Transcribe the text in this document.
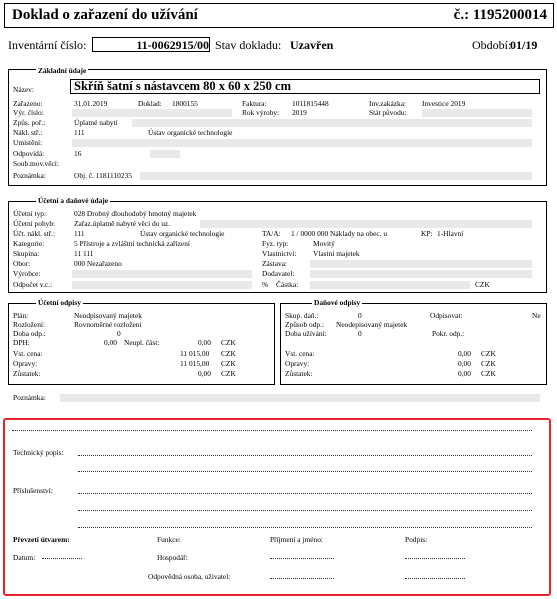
Doklad o zařazení do užívání	č.: 1195200014
Inventární číslo:	11-0062915/00 Stav dokladu: Uzavřen	Období:
01/19
Základní údaje
Název:	Skříň šatní s nástavcem 80 x 60 x 250 cm
Zařazeno:	31.01.2019	Doklad: 1800155	Faktura:	1011815448	Inv.zakázka: Investice 2019
Výr. číslo:	Rok výroby: 2019	Stát původu:
Způs. poř.:	Úplatné nabytí
Nákl. stř.:	111	Ústav organické technologie
Umístění:
Odpovídá:	16
Soub.mov.věcí:
Poznámka:	Obj. č. 1181110235
Účetní a daňové údaje
Účetní typ:	028 Drobný dlouhodobý hmotný majetek
Účetní pohyb:	Zařaz.úplatně nabyté věci do uz.
Účt. nákl. stř.:	111	Ústav organické technologie	TA/A: 1 / 0000 000 Náklady na obec. u	KP: 1-Hlavní
Kategorie:	5 Přístroje a zvláštní technická zařízení	Fyz. typ:	Movitý
Skupina:	11 111	Vlastnictví: Vlastní majetek
Obor:	000 Nezařazeno	Zástava:
Výrobce:	Dodavatel:
Odpočet v.c.:	% Částka:	CZK
Účetní odpisy
Plán:	Neodpisovaný majetek
Rozložení:	Rovnoměrné rozložení
Doba odp.:	0
DPH:	0,00 Neupl. část:	0,00 CZK
Vst. cena:	11 015,00 CZK
Opravy:	11 015,00 CZK
Zůstatek:	0,00 CZK
Daňové odpisy
Skup. daň.:	0	Odpisovat:	Ne
Způsob odp.: Neodepisovaný majetek
Doba užívání:	0	Pokr. odp.:
Vst. cena:	0,00 CZK
Opravy:	0,00 CZK
Zůstatek:	0,00 CZK
Poznámka:
Technický popis:
Příslušenství:
Převzetí útvarem:	Funkce:	Příjmení a jméno:	Podpis:
Datum:	Hospodář:
Odpovědná osoba, uživatel:
